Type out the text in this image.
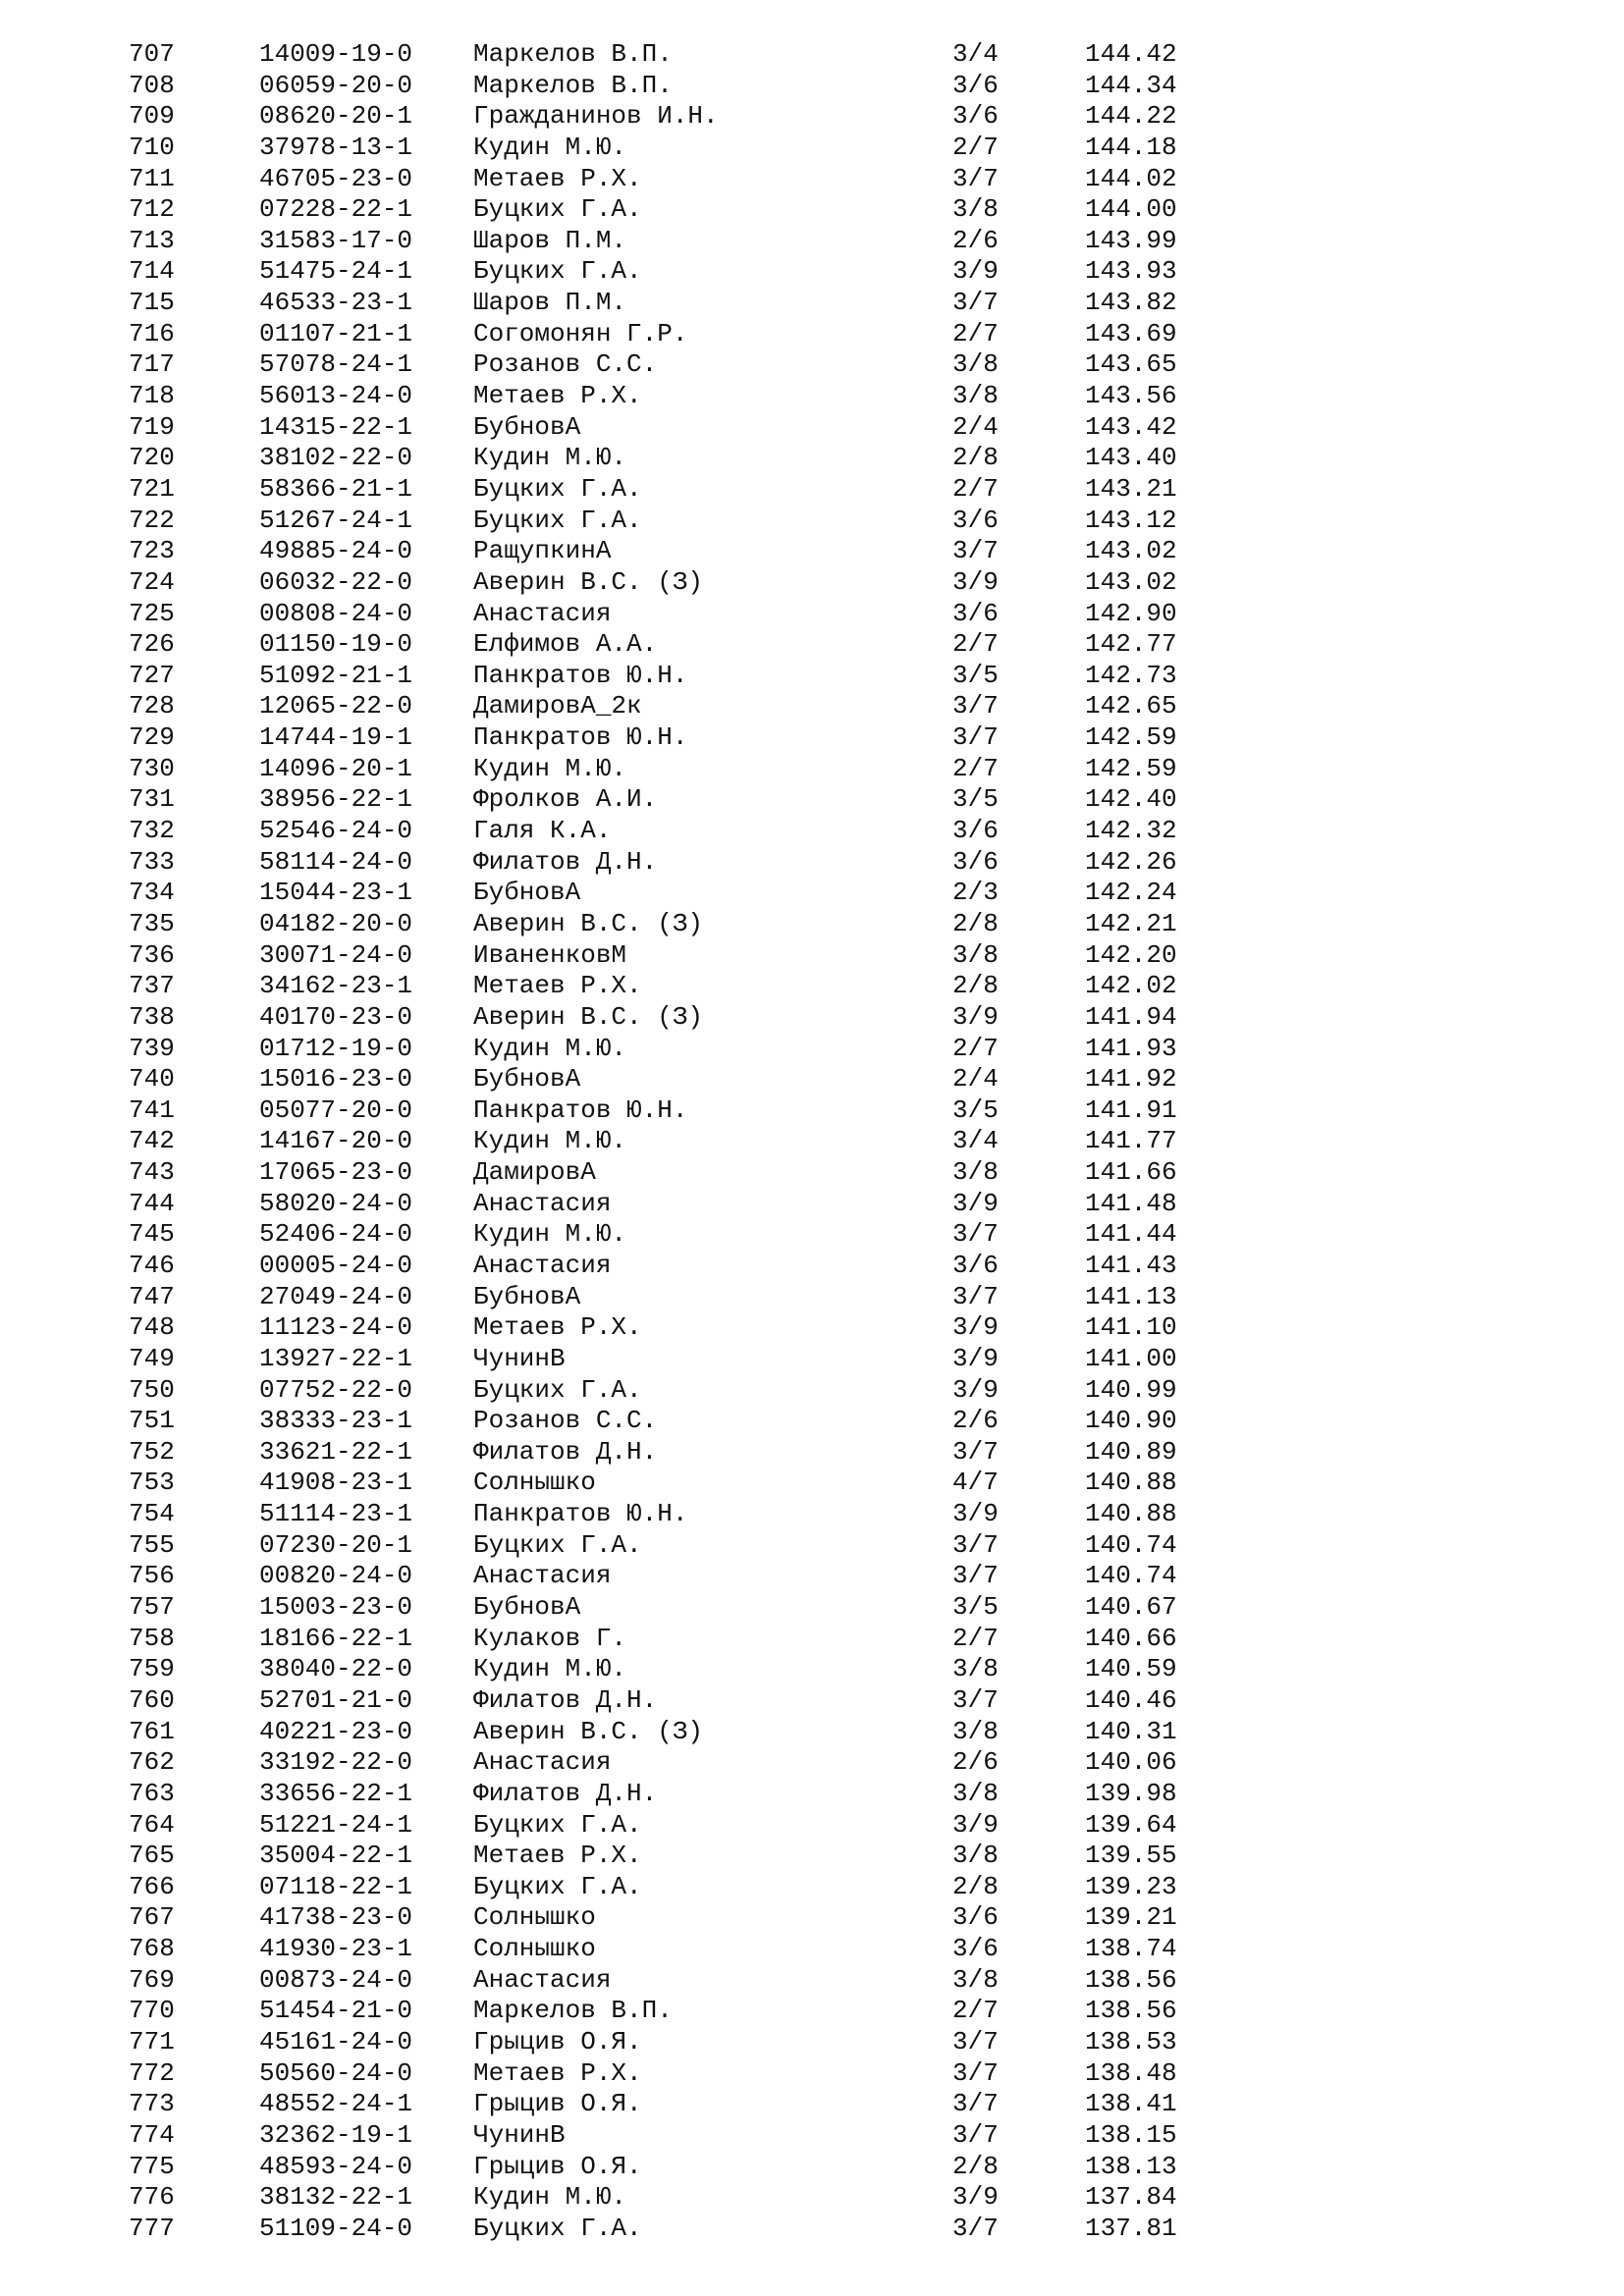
707	14009-19-0 Маркелов В.П.	3/4	144.42
708	06059-20-0 Маркелов В.П.	3/6	144.34
709	08620-20-1 Гражданинов И.Н.	3/6	144.22
710	37978-13-1 Кудин М.Ю.	2/7	144.18
711	46705-23-0 Метаев Р.Х.	3/7	144.02
712	07228-22-1 Буцких Г.А.	3/8	144.00
713	31583-17-0 Шаров П.М.	2/6	143.99
714	51475-24-1 Буцких Г.А.	3/9	143.93
715	46533-23-1 Шаров П.М.	3/7	143.82
716	01107-21-1 Согомонян Г.Р.	2/7	143.69
717	57078-24-1 Розанов С.С.	3/8	143.65
718	56013-24-0 Метаев Р.Х.	3/8	143.56
719	14315-22-1 БубновА	2/4	143.42
720	38102-22-0 Кудин М.Ю.	2/8	143.40
721	58366-21-1 Буцких Г.А.	2/7	143.21
722	51267-24-1 Буцких Г.А.	3/6	143.12
723	49885-24-0 РащупкинА	3/7	143.02
724	06032-22-0 Аверин В.С. (З)	3/9	143.02
725	00808-24-0 Анастасия	3/6	142.90
726	01150-19-0 Елфимов А.А.	2/7	142.77
727	51092-21-1 Панкратов Ю.Н.	3/5	142.73
728	12065-22-0 ДамировА_2к	3/7	142.65
729	14744-19-1 Панкратов Ю.Н.	3/7	142.59
730	14096-20-1 Кудин М.Ю.	2/7	142.59
731	38956-22-1 Фролков А.И.	3/5	142.40
732	52546-24-0 Галя К.А.	3/6	142.32
733	58114-24-0 Филатов Д.Н.	3/6	142.26
734	15044-23-1 БубновА	2/3	142.24
735	04182-20-0 Аверин В.С. (З)	2/8	142.21
736	30071-24-0 ИваненковМ	3/8	142.20
737	34162-23-1 Метаев Р.Х.	2/8	142.02
738	40170-23-0 Аверин В.С. (З)	3/9	141.94
739	01712-19-0 Кудин М.Ю.	2/7	141.93
740	15016-23-0 БубновА	2/4	141.92
741	05077-20-0 Панкратов Ю.Н.	3/5	141.91
742	14167-20-0 Кудин М.Ю.	3/4	141.77
743	17065-23-0 ДамировА	3/8	141.66
744	58020-24-0 Анастасия	3/9	141.48
745	52406-24-0 Кудин М.Ю.	3/7	141.44
746	00005-24-0 Анастасия	3/6	141.43
747	27049-24-0 БубновА	3/7	141.13
748	11123-24-0 Метаев Р.Х.	3/9	141.10
749	13927-22-1 ЧунинВ	3/9	141.00
750	07752-22-0 Буцких Г.А.	3/9	140.99
751	38333-23-1 Розанов С.С.	2/6	140.90
752	33621-22-1 Филатов Д.Н.	3/7	140.89
753	41908-23-1 Солнышко	4/7	140.88
754	51114-23-1 Панкратов Ю.Н.	3/9	140.88
755	07230-20-1 Буцких Г.А.	3/7	140.74
756	00820-24-0 Анастасия	3/7	140.74
757	15003-23-0 БубновА	3/5	140.67
758	18166-22-1 Кулаков Г.	2/7	140.66
759	38040-22-0 Кудин М.Ю.	3/8	140.59
760	52701-21-0 Филатов Д.Н.	3/7	140.46
761	40221-23-0 Аверин В.С. (З)	3/8	140.31
762	33192-22-0 Анастасия	2/6	140.06
763	33656-22-1 Филатов Д.Н.	3/8	139.98
764	51221-24-1 Буцких Г.А.	3/9	139.64
765	35004-22-1 Метаев Р.Х.	3/8	139.55
766	07118-22-1 Буцких Г.А.	2/8	139.23
767	41738-23-0 Солнышко	3/6	139.21
768	41930-23-1 Солнышко	3/6	138.74
769	00873-24-0 Анастасия	3/8	138.56
770	51454-21-0 Маркелов В.П.	2/7	138.56
771	45161-24-0 Грыцив О.Я.	3/7	138.53
772	50560-24-0 Метаев Р.Х.	3/7	138.48
773	48552-24-1 Грыцив О.Я.	3/7	138.41
774	32362-19-1 ЧунинВ	3/7	138.15
775	48593-24-0 Грыцив О.Я.	2/8	138.13
776	38132-22-1 Кудин М.Ю.	3/9	137.84
777	51109-24-0 Буцких Г.А.	3/7	137.81
